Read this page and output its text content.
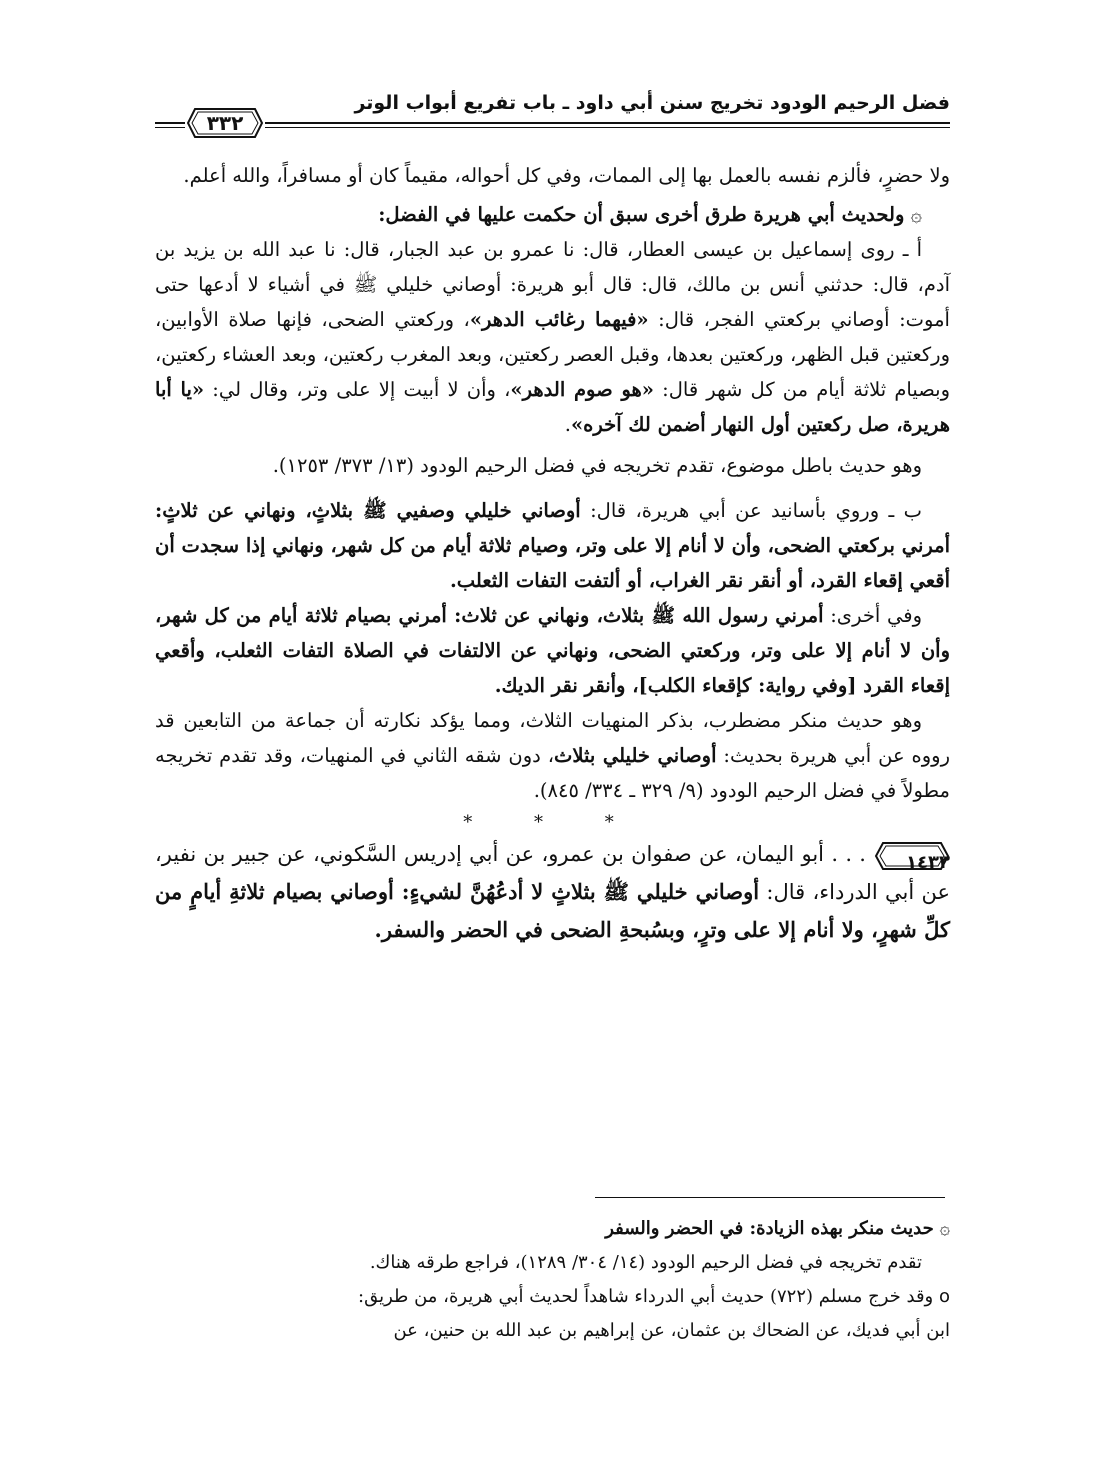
فضل الرحيم الودود تخريج سنن أبي داود ـ باب تفريع أبواب الوتر
٣٣٢

ولا حضرٍ، فألزم نفسه بالعمل بها إلى الممات، وفي كل أحواله، مقيماً كان أو مسافراً، والله أعلم.

۞ ولحديث أبي هريرة طرق أخرى سبق أن حكمت عليها في الفضل:

أ ـ روى إسماعيل بن عيسى العطار، قال: نا عمرو بن عبد الجبار، قال: نا عبد الله بن يزيد بن آدم، قال: حدثني أنس بن مالك، قال: قال أبو هريرة: أوصاني خليلي ﷺ في أشياء لا أدعها حتى أموت: أوصاني بركعتي الفجر، قال: «فيهما رغائب الدهر»، وركعتي الضحى، فإنها صلاة الأوابين، وركعتين قبل الظهر، وركعتين بعدها، وقبل العصر ركعتين، وبعد المغرب ركعتين، وبعد العشاء ركعتين، وبصيام ثلاثة أيام من كل شهر قال: «هو صوم الدهر»، وأن لا أبيت إلا على وتر، وقال لي: «يا أبا هريرة، صل ركعتين أول النهار أضمن لك آخره».

وهو حديث باطل موضوع، تقدم تخريجه في فضل الرحيم الودود (١٣/ ٣٧٣/ ١٢٥٣).

ب ـ وروي بأسانيد عن أبي هريرة، قال: أوصاني خليلي وصفيي ﷺ بثلاثٍ، ونهاني عن ثلاثٍ: أمرني بركعتي الضحى، وأن لا أنام إلا على وتر، وصيام ثلاثة أيام من كل شهر، ونهاني إذا سجدت أن أقعي إقعاء القرد، أو أنقر نقر الغراب، أو ألتفت التفات الثعلب.

وفي أخرى: أمرني رسول الله ﷺ بثلاث، ونهاني عن ثلاث: أمرني بصيام ثلاثة أيام من كل شهر، وأن لا أنام إلا على وتر، وركعتي الضحى، ونهاني عن الالتفات في الصلاة التفات الثعلب، وأقعي إقعاء القرد [وفي رواية: كإقعاء الكلب]، وأنقر نقر الديك.

وهو حديث منكر مضطرب، بذكر المنهيات الثلاث، ومما يؤكد نكارته أن جماعة من التابعين قد رووه عن أبي هريرة بحديث: أوصاني خليلي بثلاث، دون شقه الثاني في المنهيات، وقد تقدم تخريجه مطولاً في فضل الرحيم الودود (٩/ ٣٢٩ ـ ٣٣٤/ ٨٤٥).

* * *

١٤٣٣
. . . أبو اليمان، عن صفوان بن عمرو، عن أبي إدريس السَّكوني، عن جبير بن نفير، عن أبي الدرداء، قال: أوصاني خليلي ﷺ بثلاثٍ لا أدعُهُنَّ لشيءٍ: أوصاني بصيام ثلاثةِ أيامٍ من كلِّ شهرٍ، ولا أنام إلا على وترٍ، وبسُبحةِ الضحى في الحضر والسفر.

۞ حديث منكر بهذه الزيادة: في الحضر والسفر

تقدم تخريجه في فضل الرحيم الودود (١٤/ ٣٠٤/ ١٢٨٩)، فراجع طرقه هناك.

o وقد خرج مسلم (٧٢٢) حديث أبي الدرداء شاهداً لحديث أبي هريرة، من طريق:

ابن أبي فديك، عن الضحاك بن عثمان، عن إبراهيم بن عبد الله بن حنين، عن
